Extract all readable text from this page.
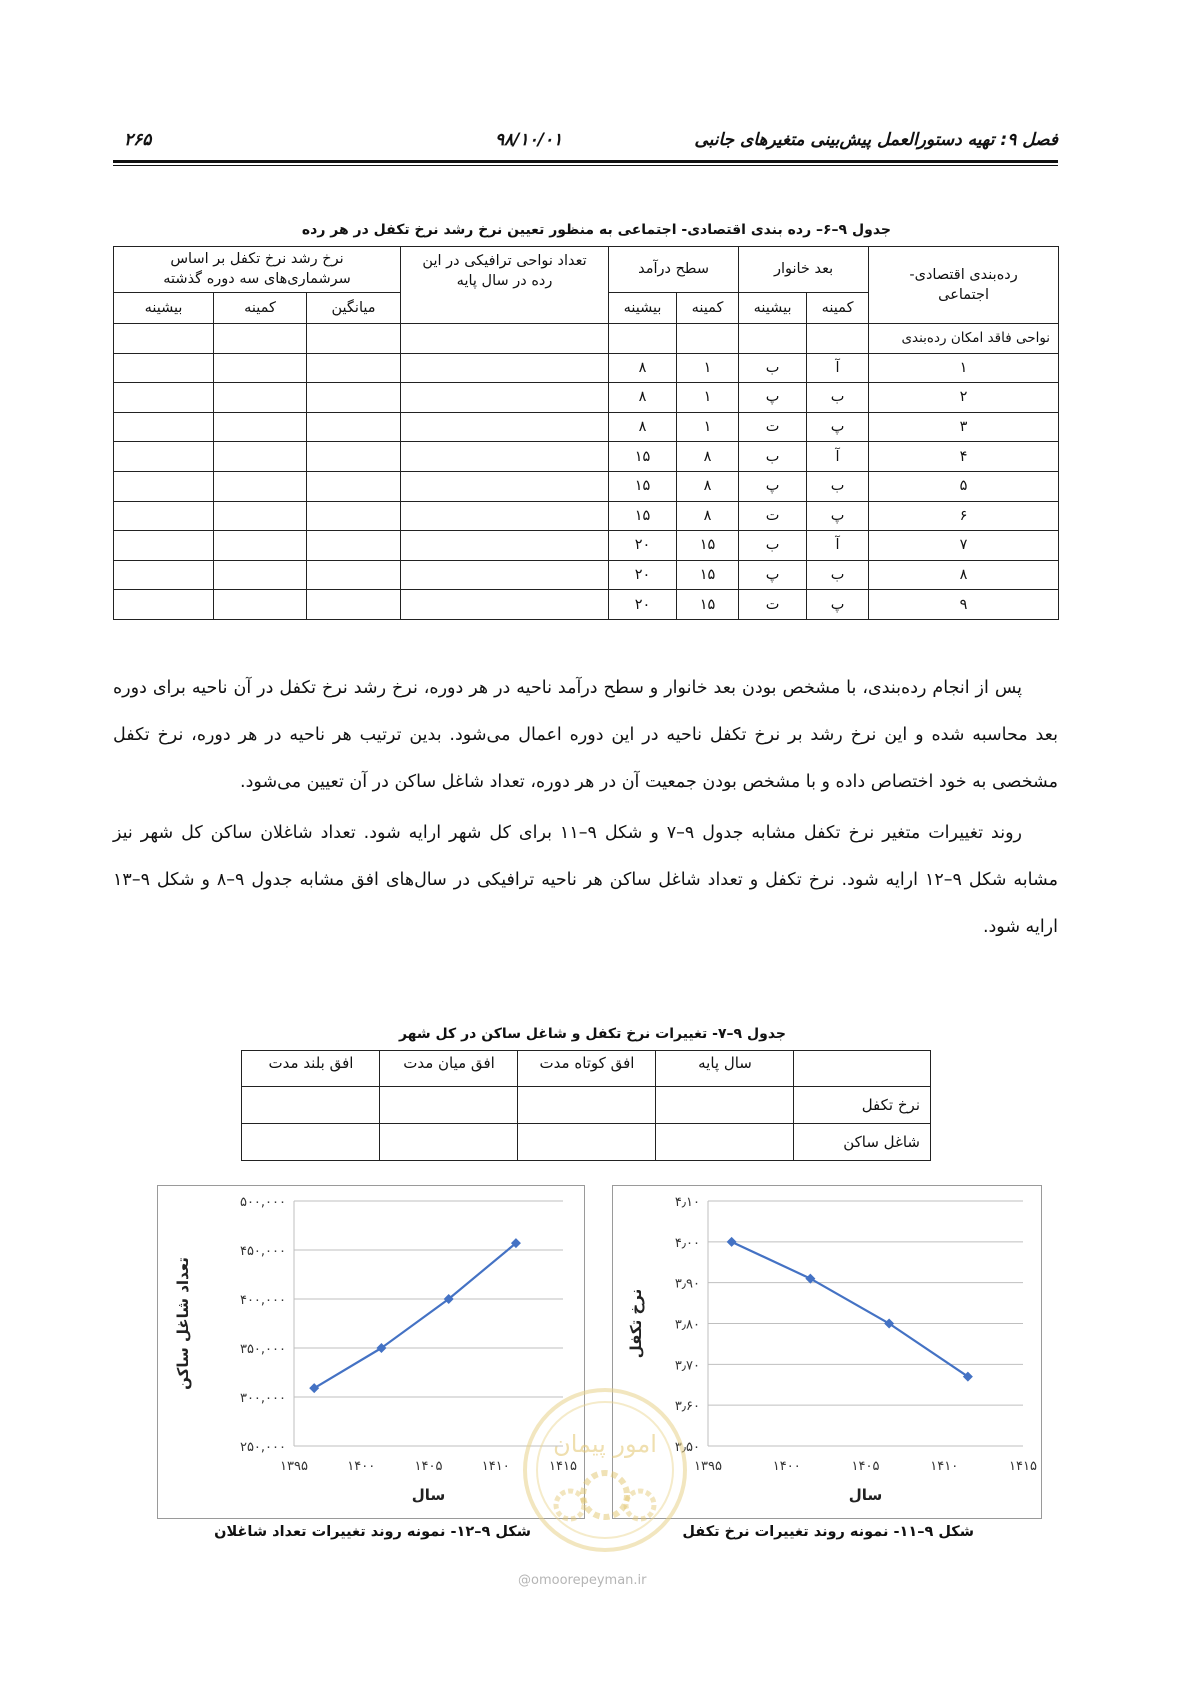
فصل ۹: تهیه دستورالعمل پیش‌بینی متغیرهای جانبی
۹۸/۱۰/۰۱
۲۶۵
جدول ۹–۶– رده بندی اقتصادی- اجتماعی به منظور تعیین نرخ رشد نرخ تکفل در هر رده
رده‌بندی اقتصادی- اجتماعی	بعد خانوار		سطح درآمد		تعداد نواحی ترافیکی در این رده در سال پایه	نرخ رشد نرخ تکفل بر اساس سرشماری‌های سه دوره گذشته		
	کمینه	بیشینه	کمینه	بیشینه		میانگین	کمینه	بیشینه
نواحی فاقد امکان رده‌بندی								
۱	آ	ب	۱	۸				
۲	ب	پ	۱	۸				
۳	پ	ت	۱	۸				
۴	آ	ب	۸	۱۵				
۵	ب	پ	۸	۱۵				
۶	پ	ت	۸	۱۵				
۷	آ	ب	۱۵	۲۰				
۸	ب	پ	۱۵	۲۰				
۹	پ	ت	۱۵	۲۰				

پس از انجام رده‌بندی، با مشخص بودن بعد خانوار و سطح درآمد ناحیه در هر دوره، نرخ رشد نرخ تکفل در آن ناحیه برای دوره بعد محاسبه شده و این نرخ رشد بر نرخ تکفل ناحیه در این دوره اعمال می‌شود. بدین ترتیب هر ناحیه در هر دوره، نرخ تکفل مشخصی به خود اختصاص داده و با مشخص بودن جمعیت آن در هر دوره، تعداد شاغل ساکن در آن تعیین می‌شود.

روند تغییرات متغیر نرخ تکفل مشابه جدول ۹–۷ و شکل ۹–۱۱ برای کل شهر ارایه شود. تعداد شاغلان ساکن کل شهر نیز مشابه شکل ۹–۱۲ ارایه شود. نرخ تکفل و تعداد شاغل ساکن هر ناحیه ترافیکی در سال‌های افق مشابه جدول ۹–۸ و شکل ۹–۱۳ ارایه شود.

جدول ۹–۷- تغییرات نرخ تکفل و شاغل ساکن در کل شهر
	سال پایه	افق کوتاه مدت	افق میان مدت	افق بلند مدت
نرخ تکفل				
شاغل ساکن				
۲۵۰,۰۰۰
۳۰۰,۰۰۰
۳۵۰,۰۰۰
۴۰۰,۰۰۰
۴۵۰,۰۰۰
۵۰۰,۰۰۰
۱۳۹۵	۱۴۰۰	۱۴۰۵	۱۴۱۰	۱۴۱۵
سال
تعداد شاغل ساکن
۳٫۵۰
۳٫۶۰
۳٫۷۰
۳٫۸۰
۳٫۹۰
۴٫۰۰
۴٫۱۰
۱۳۹۵	۱۴۰۰	۱۴۰۵	۱۴۱۰	۱۴۱۵
سال
نرخ تکفل
شکل ۹–۱۱- نمونه روند تغییرات نرخ تکفل
شکل ۹–۱۲- نمونه روند تغییرات تعداد شاغلان
امور پیمان
@omoorepeyman.ir
